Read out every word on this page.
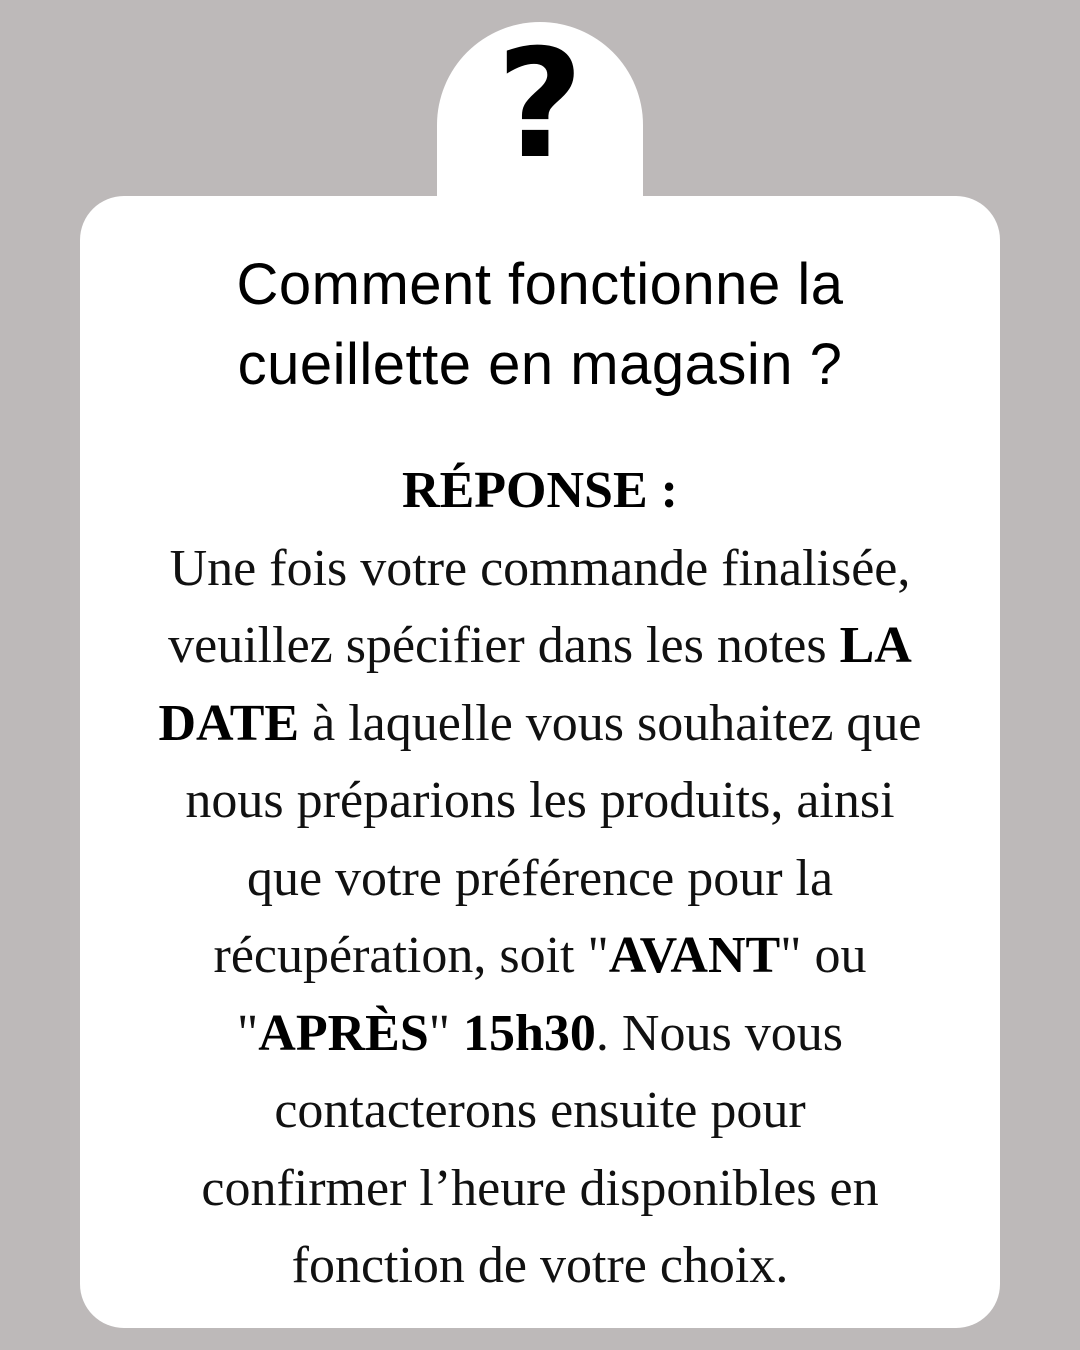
?
Comment fonctionne la
cueillette en magasin ?
RÉPONSE :
Une fois votre commande finalisée,
veuillez spécifier dans les notes LA
DATE à laquelle vous souhaitez que
nous préparions les produits, ainsi
que votre préférence pour la
récupération, soit "AVANT" ou
"APRÈS" 15h30. Nous vous
contacterons ensuite pour
confirmer l’heure disponibles en
fonction de votre choix.
